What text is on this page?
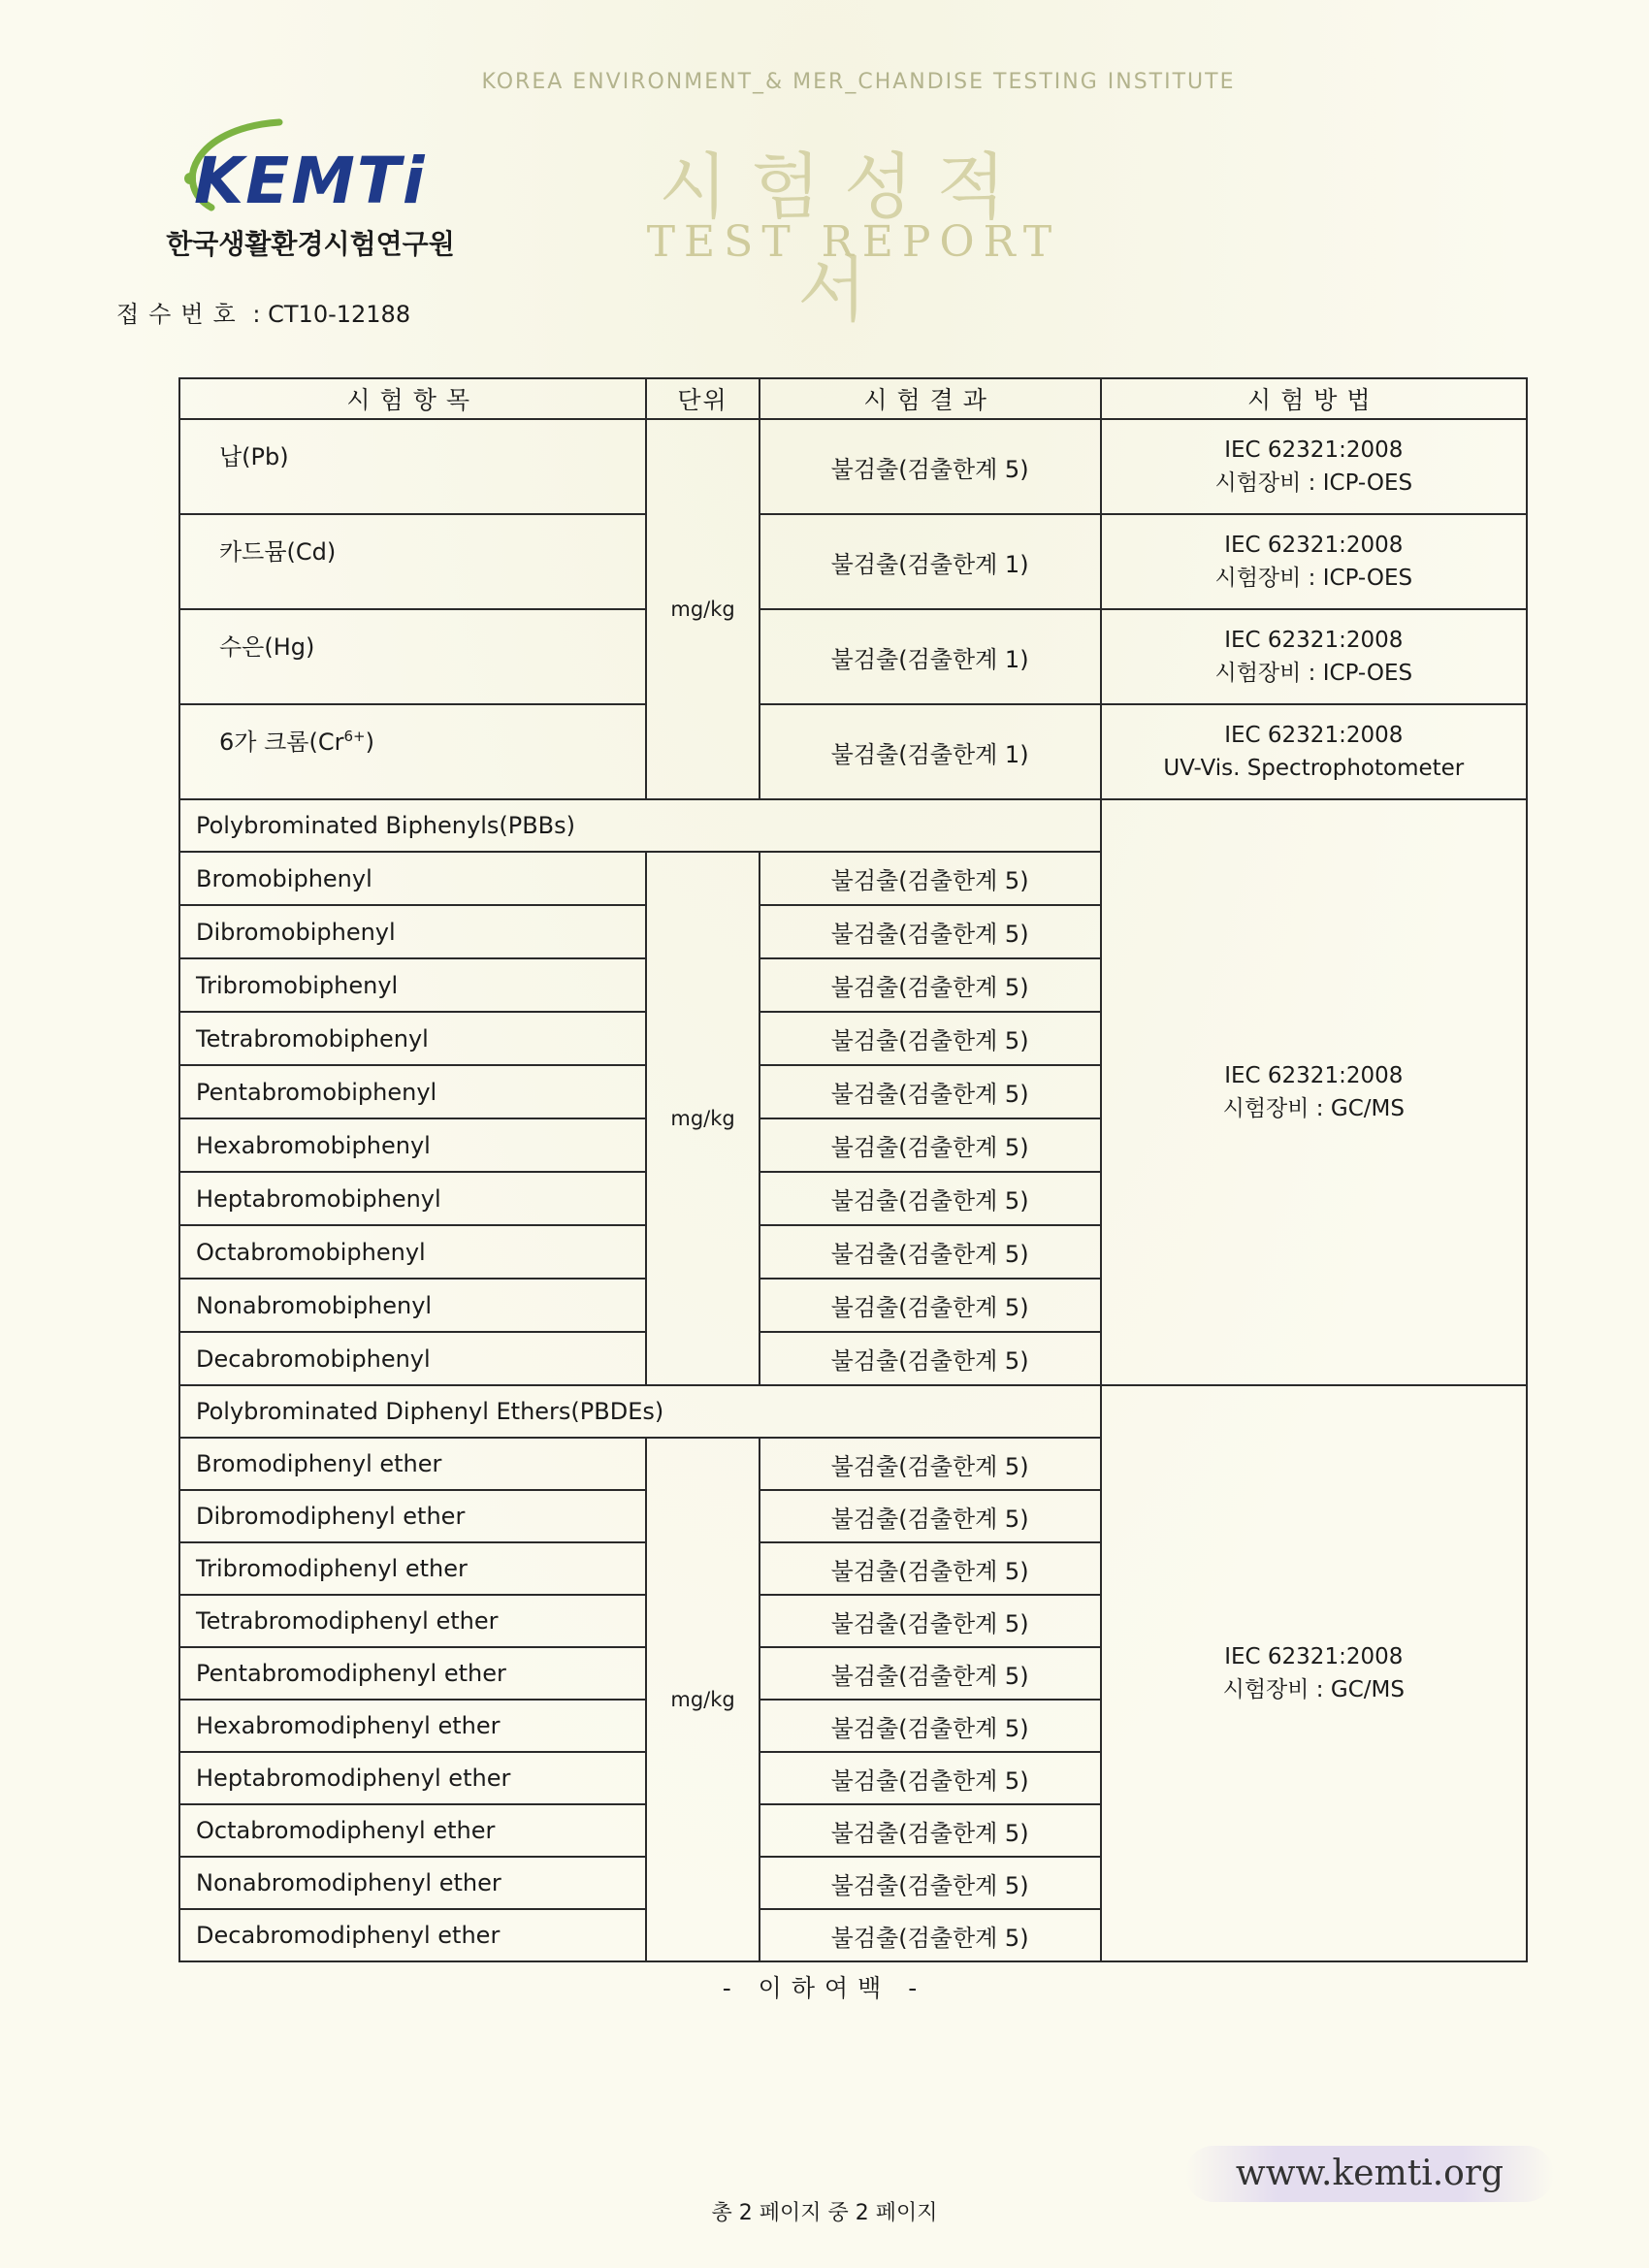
KOREA ENVIRONMENT_& MER_CHANDISE TESTING INSTITUTE
KEMTi
한국생활환경시험연구원
시험성적서
TEST REPORT
접수번호 : CT10-12188
시험항목	단위	시험결과	시험방법
납(Pb)	mg/kg	불검출(검출한계 5)	IEC 62321:2008
시험장비 : ICP-OES

카드뮴(Cd)		불검출(검출한계 1)	IEC 62321:2008
시험장비 : ICP-OES

수은(Hg)		불검출(검출한계 1)	IEC 62321:2008
시험장비 : ICP-OES

6가 크롬$(Cr^{6+})$		불검출(검출한계 1)	IEC 62321:2008
UV-Vis. Spectrophotometer

Polybrominated Biphenyls(PBBs)			IEC 62321:2008
시험장비 : GC/MS

Bromobiphenyl	mg/kg	불검출(검출한계 5)	
Dibromobiphenyl		불검출(검출한계 5)	
Tribromobiphenyl		불검출(검출한계 5)	
Tetrabromobiphenyl		불검출(검출한계 5)	
Pentabromobiphenyl		불검출(검출한계 5)	
Hexabromobiphenyl		불검출(검출한계 5)	
Heptabromobiphenyl		불검출(검출한계 5)	
Octabromobiphenyl		불검출(검출한계 5)	
Nonabromobiphenyl		불검출(검출한계 5)	
Decabromobiphenyl		불검출(검출한계 5)	
Polybrominated Diphenyl Ethers(PBDEs)			IEC 62321:2008
시험장비 : GC/MS

Bromodiphenyl ether	mg/kg	불검출(검출한계 5)	
Dibromodiphenyl ether		불검출(검출한계 5)	
Tribromodiphenyl ether		불검출(검출한계 5)	
Tetrabromodiphenyl ether		불검출(검출한계 5)	
Pentabromodiphenyl ether		불검출(검출한계 5)	
Hexabromodiphenyl ether		불검출(검출한계 5)	
Heptabromodiphenyl ether		불검출(검출한계 5)	
Octabromodiphenyl ether		불검출(검출한계 5)	
Nonabromodiphenyl ether		불검출(검출한계 5)	
Decabromodiphenyl ether		불검출(검출한계 5)	
- 이하여백 -
www.kemti.org
총 2 페이지 중 2 페이지
